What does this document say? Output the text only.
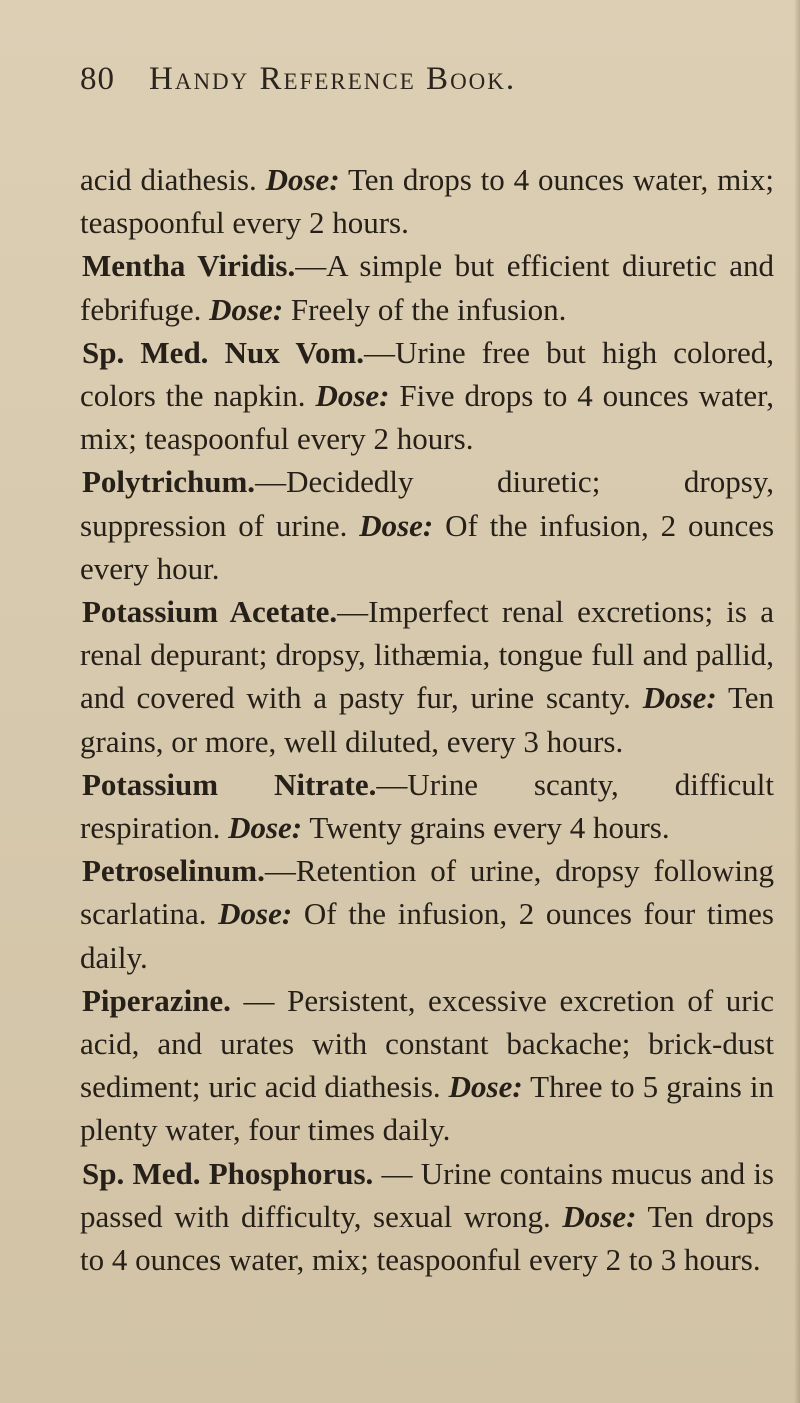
80 Handy Reference Book.

acid diathesis. Dose: Ten drops to 4 ounces water, mix; teaspoonful every 2 hours.

Mentha Viridis.—A simple but efficient diuretic and febrifuge. Dose: Freely of the infusion.

Sp. Med. Nux Vom.—Urine free but high colored, colors the napkin. Dose: Five drops to 4 ounces water, mix; teaspoonful every 2 hours.

Polytrichum.—Decidedly diuretic; dropsy, suppression of urine. Dose: Of the infusion, 2 ounces every hour.

Potassium Acetate.—Imperfect renal excretions; is a renal depurant; dropsy, lithæmia, tongue full and pallid, and covered with a pasty fur, urine scanty. Dose: Ten grains, or more, well diluted, every 3 hours.

Potassium Nitrate.—Urine scanty, difficult respiration. Dose: Twenty grains every 4 hours.

Petroselinum.—Retention of urine, dropsy following scarlatina. Dose: Of the infusion, 2 ounces four times daily.

Piperazine. — Persistent, excessive excretion of uric acid, and urates with constant backache; brick-dust sediment; uric acid diathesis. Dose: Three to 5 grains in plenty water, four times daily.

Sp. Med. Phosphorus. — Urine contains mucus and is passed with difficulty, sexual wrong. Dose: Ten drops to 4 ounces water, mix; teaspoonful every 2 to 3 hours.
